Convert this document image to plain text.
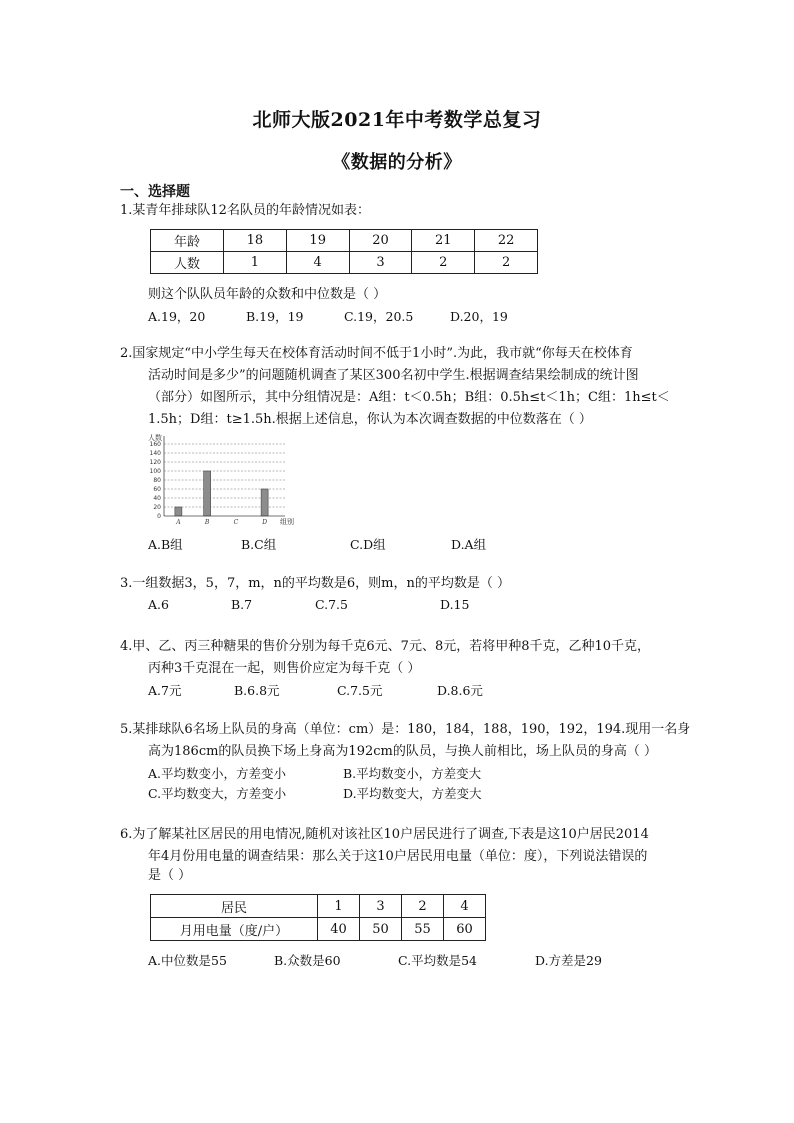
北师大版2021年中考数学总复习
《数据的分析》
一、选择题
1.某青年排球队12名队员的年龄情况如表：
年龄	18	19	20	21	22
人数	1	4	3	2	2
则这个队队员年龄的众数和中位数是（ ）
A.19，20	B.19，19	C.19，20.5	D.20，19
2.国家规定“中小学生每天在校体育活动时间不低于1小时”.为此，我市就“你每天在校体育
活动时间是多少”的问题随机调查了某区300名初中学生.根据调查结果绘制成的统计图
（部分）如图所示，其中分组情况是：A组：t＜0.5h；B组：0.5h≤t＜1h；C组：1h≤t＜
1.5h；D组：t≥1.5h.根据上述信息，你认为本次调查数据的中位数落在（ ）
人数
组别
0
20
40
60
80
100
120
140
160
A	B	C	D
A.B组	B.C组	C.D组	D.A组
3.一组数据3，5，7，m，n的平均数是6，则m，n的平均数是（ ）
A.6	B.7	C.7.5	D.15
4.甲、乙、丙三种糖果的售价分别为每千克6元、7元、8元，若将甲种8千克，乙种10千克，
丙种3千克混在一起，则售价应定为每千克（ ）
A.7元	B.6.8元	C.7.5元	D.8.6元
5.某排球队6名场上队员的身高（单位：cm）是：180，184，188，190，192，194.现用一名身
高为186cm的队员换下场上身高为192cm的队员，与换人前相比，场上队员的身高（ ）
A.平均数变小，方差变小	B.平均数变小，方差变大
C.平均数变大，方差变小	D.平均数变大，方差变大
6.为了解某社区居民的用电情况,随机对该社区10户居民进行了调查,下表是这10户居民2014
年4月份用电量的调查结果：那么关于这10户居民用电量（单位：度），下列说法错误的
是（ ）
居民	1	3	2	4
月用电量（度/户）	40	50	55	60
A.中位数是55	B.众数是60	C.平均数是54	D.方差是29
